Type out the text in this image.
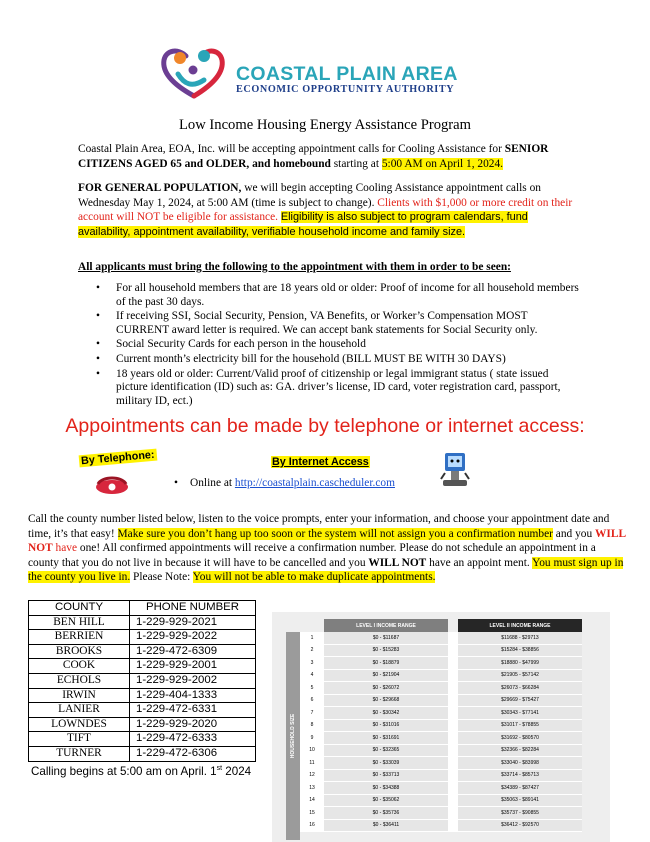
COASTAL PLAIN AREA
ECONOMIC OPPORTUNITY AUTHORITY
Low Income Housing Energy Assistance Program
Coastal Plain Area, EOA, Inc. will be accepting appointment calls for Cooling Assistance for SENIOR CITIZENS AGED 65 and OLDER, and homebound starting at 5:00 AM on April 1, 2024.
FOR GENERAL POPULATION, we will begin accepting Cooling Assistance appointment calls on Wednesday May 1, 2024, at 5:00 AM (time is subject to change). Clients with $1,000 or more credit on their account will NOT be eligible for assistance. Eligibility is also subject to program calendars, fund availability, appointment availability, verifiable household income and family size.
All applicants must bring the following to the appointment with them in order to be seen:
• For all household members that are 18 years old or older: Proof of income for all household members of the past 30 days.
• If receiving SSI, Social Security, Pension, VA Benefits, or Worker’s Compensation MOST CURRENT award letter is required. We can accept bank statements for Social Security only.
• Social Security Cards for each person in the household
• Current month’s electricity bill for the household (BILL MUST BE WITH 30 DAYS)
• 18 years old or older: Current/Valid proof of citizenship or legal immigrant status ( state issued picture identification (ID) such as: GA. driver’s license, ID card, voter registration card, passport, military ID, ect.)
Appointments can be made by telephone or internet access:
By Telephone:	By Internet Access
• Online at http://coastalplain.cascheduler.com
Call the county number listed below, listen to the voice prompts, enter your information, and choose your appointment date and time, it’s that easy! Make sure you don’t hang up too soon or the system will not assign you a confirmation number and you WILL NOT have one! All confirmed appointments will receive a confirmation number. Please do not schedule an appointment in a county that you do not live in because it will have to be cancelled and you WILL NOT have an appoint ment. You must sign up in the county you live in. Please Note: You will not be able to make duplicate appointments.
COUNTY	PHONE NUMBER
BEN HILL	1-229-929-2021
BERRIEN	1-229-929-2022
BROOKS	1-229-472-6309
COOK	1-229-929-2001
ECHOLS	1-229-929-2002
IRWIN	1-229-404-1333
LANIER	1-229-472-6331
LOWNDES	1-229-929-2020
TIFT	1-229-472-6333
TURNER	1-229-472-6306
Calling begins at 5:00 am on April. 1st 2024
HOUSEHOLD SIZE
	LEVEL I INCOME RANGE		LEVEL II INCOME RANGE
1	$0 - $11687		$11688 - $29713
2	$0 - $15283		$15284 - $38856
3	$0 - $18879		$18880 - $47999
4	$0 - $21904		$21905 - $57142
5	$0 - $26072		$26073 - $66284
6	$0 - $29668		$29669 - $75427
7	$0 - $30342		$30343 - $77141
8	$0 - $31016		$31017 - $78855
9	$0 - $31691		$31692 - $80570
10	$0 - $32365		$32366 - $82284
11	$0 - $33039		$33040 - $83998
12	$0 - $33713		$33714 - $85713
13	$0 - $34388		$34389 - $87427
14	$0 - $35062		$35063 - $89141
15	$0 - $35736		$35737 - $90855
16	$0 - $36411		$36412 - $92570
